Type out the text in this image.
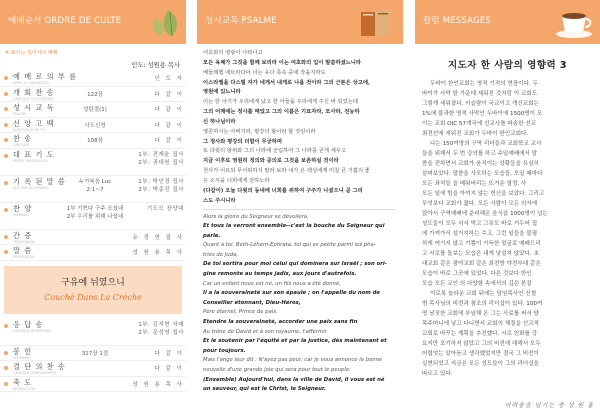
예배순서 ORDRE DE CULTE
※ 표시는 일어서서 예배
인도: 성원용 목사
예 배 로 의 부 름
APPEL À L'ADORATION
인 도 자
개 회 찬 송
CANTIQUE D'OUVERTURE
122장	다 같 이
성 시 교 독
PSAUME
성탄절(1)	다 같 이
신 앙 고 백
CONFESSION DE FOI
사도신경	다 같 이
찬 송
CANTIQUE
108장	다 같 이
대 표 기 도
PRIÈRE UNIVERSELLE
1부: 전재윤 집사
2부: 권대원 집사
기 록 된 말 씀
LECTURE DE LA BIBLE
누가복음 Luc
2:1~7
1부: 박인경 집사
2부: 박종진 집사
찬 양
CHORALE
1부 기쁘다 구주 오셨네
2부 우리를 위해 나셨네
기도모 찬양대
간 증
TÉMOIGNAGE
유 정 연 집 사
말 씀
PRÉDICATION
성 원 용 목 사
구유에 뉘였으니
Couché Dans La Crèche
응 답 송
CANTIQUE DE RÉPONSE
1부: 김지현 자매
2부: 문성영 집사
봉 헌
OFFRANDE
317장 1절	다 같 이
결 단 의 찬 송
CANTIQUE D'ENGAGEMENT
다 같 이
축 도
BÉNÉDICTION
성 원 용 목 사
성시교독 PSALME
여호와의 영광이 나타나고
모든 육체가 그것을 함께 보리라 이는 여호와의 입이 말씀하셨느니라
베들레헴 에브라다야 너는 유다 족속 중에 작을지라도
이스라엘을 다스릴 자가 네게서 내게로 나올 것이라 그의 근본은 상고에,
영원에 있느니라
이는 한 아기가 우리에게 났고 한 아들을 우리에게 주신 바 되었는데
그의 어깨에는 정사를 메었고 그의 이름은 기묘자라, 모사라, 전능하
신 하나님이라
영존하시는 아버지라, 평강의 왕이라 할 것임이라
그 정사와 평강의 더함이 무궁하며
또 다윗의 왕위와 그의 나라에 군림하여 그 나라를 굳게 세우고
지금 이후로 영원히 정의와 공의로 그것을 보존하실 것이라
천사가 이르되 무서워하지 말라 보라 내가 온 백성에게 미칠 큰 기쁨의 좋
은 소식을 너희에게 전하노라
(다같이) 오늘 다윗의 동네에 너희를 위하여 구주가 나셨으니 곧 그리
스도 주시니라
Alors la gloire du Seigneur se dévoilera,
Et tous la verront ensemble--c'est la bouche du Seigneur qui
parle.
Quant à toi, Beth-Léhem-Ephrata, toi qui es petite parmi les pha-
tries de Juda,
De toi sortira pour moi celui qui dominera sur Israël ; son ori-
gine remonte au temps jadis, aux jours d'autrefois.
Car un enfant nous est né, un fils nous a été donné,
Il a la souveraineté sur son épaule ; on l'appelle du nom de
Conseiller étonnant, Dieu-Héros,
Père éternel, Prince de paix.
Etendre la souveraineté, accorder une paix sans fin
Au trône de David et à son royaume, l'affermir
Et le soutenir par l'équité et par la justice, dès maintenant et
pour toujours.
Mais l'ange leur dit : N'ayez pas peur, car je vous annonce la bonne
nouvelle d'une grande joie qui sera pour tout le peuple:
(Ensemble) Aujourd'hui, dans la ville de David, il vous est né
un sauveur, qui est le Christ, le Seigneur.
칼럼 MESSAGES
지도자 한 사람의 영향력 3
두바이 한인교회는 영적 기적의 현장이다. 두
바이가 사막 한 가운데 세워진 것처럼 이 교회도
그렇게 세워졌다. 이슬람이 국교이고 개신교회는
1%에 불과한 영적 사막인 두바이에 1500명이 모
이는 교회 OIC 57개국에 선교사를 파송한 선교
최전선에 세워진 교회가 두바이 한인교회다.
나는 150여명의 구역 리더들과 교회학교 교사
들을 위해서 두 번 강의를 하고 주일예배에서 말
씀을 전하면서 교회가 움직이는 상황들을 유심히
살펴보았다. 말씀을 사모하는 모습들, 모일 때마다
모든 좌석들 을 메워버리는 뜨거운 열정, 사
모든 일에 힘을 아끼지 않는 헌신을 보았다. 그리고
무엇보다 교회가 젊다. 모든 사람이 모든 의자에
앉아서 구역예배에 준비해온 음식을 1000명이 넘는
성도들이 모두 서서 먹고 그릇도 바로 거두어 집
에 가져가서 설거지하는 수고, 그런 일들을 불평
하게 여기지 않고 기쁨이 가득한 얼굴로 예배드리
고 서로를 돌보는 모습은 내게 낯설지 않았다. 초
대교회 같은 광야교회 같은 최전방 야전부대 같은
모습이 바로 그곳에 있었다. 다른 것보다 한인
모습 모든 교인 의 다양함 속에서의 깊은 본질
이로록 놀라운 교회 뒤에는 담임목사인 신철
범 목사님의 비전과 참조의 리더십이 있다. 100여
명 남짓한 교회에 부임해 온 그는 사료를 써서 양
목주머니에 넣고 다니면서 교회의 체질을 선교적
교회로 바꾸는 계획을 추진했다. 서로 친화를 강
요지만 포기하지 않았고 그의 비전에 대해서 모두
어렵엇는 알아듣고 생각했었지만 결국 그 비전이
실현되었고 지금은 모든 성도들이 그의 리더십을
따르고 있다.
어려움을 넘기는 중 성 원 용
